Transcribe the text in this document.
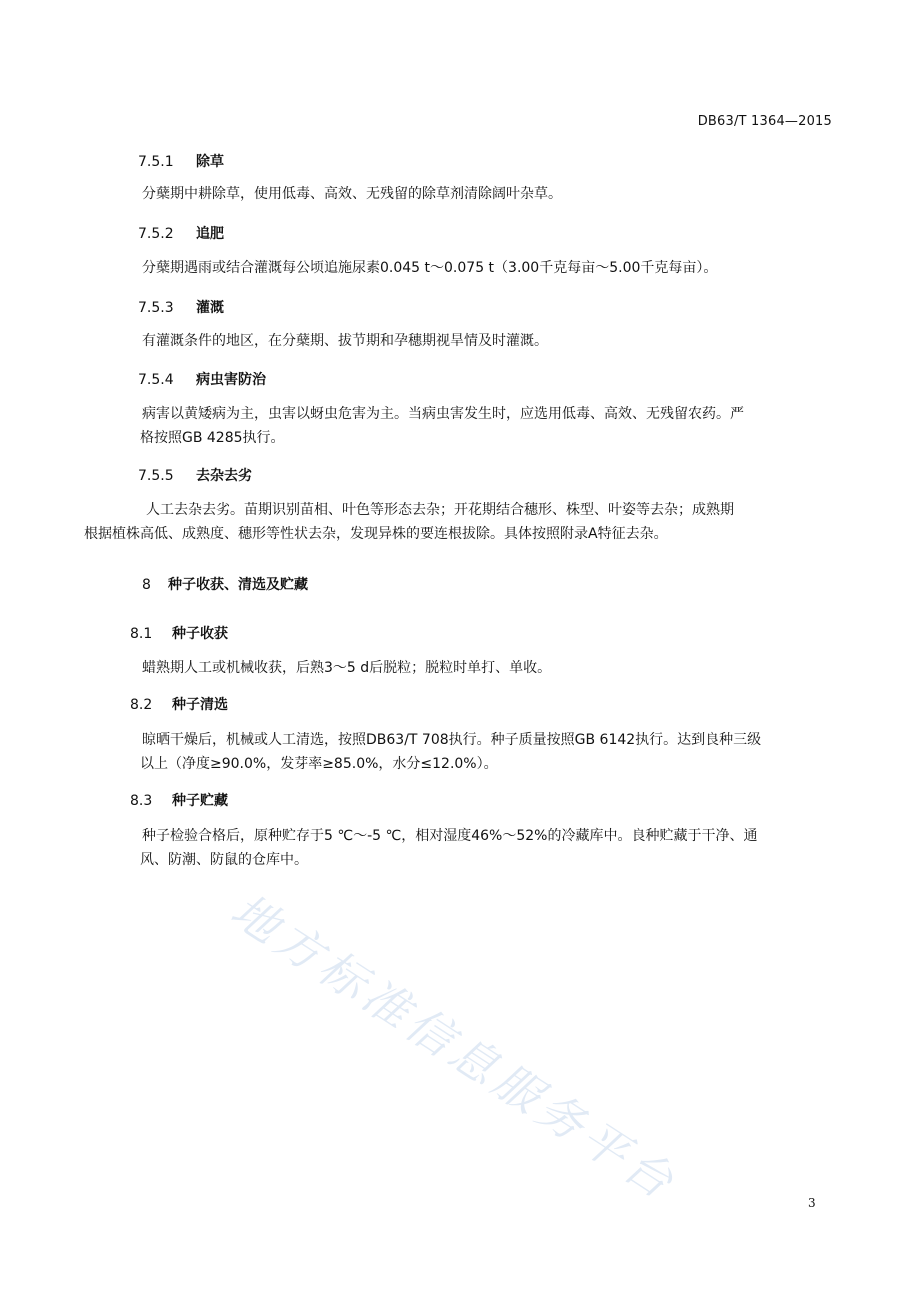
DB63/T 1364—2015
7.5.1 除草
分蘖期中耕除草，使用低毒、高效、无残留的除草剂清除阔叶杂草。
7.5.2 追肥
分蘖期遇雨或结合灌溉每公顷追施尿素0.045 t～0.075 t（3.00千克每亩～5.00千克每亩）。
7.5.3 灌溉
有灌溉条件的地区，在分蘖期、拔节期和孕穗期视旱情及时灌溉。
7.5.4 病虫害防治
病害以黄矮病为主，虫害以蚜虫危害为主。当病虫害发生时，应选用低毒、高效、无残留农药。严
格按照GB 4285执行。
7.5.5 去杂去劣
人工去杂去劣。苗期识别苗相、叶色等形态去杂；开花期结合穗形、株型、叶姿等去杂；成熟期
根据植株高低、成熟度、穗形等性状去杂，发现异株的要连根拔除。具体按照附录A特征去杂。
8 种子收获、清选及贮藏
8.1 种子收获
蜡熟期人工或机械收获，后熟3～5 d后脱粒；脱粒时单打、单收。
8.2 种子清选
晾晒干燥后，机械或人工清选，按照DB63/T 708执行。种子质量按照GB 6142执行。达到良种三级
以上（净度≥90.0%，发芽率≥85.0%，水分≤12.0%）。
8.3 种子贮藏
种子检验合格后，原种贮存于5 ℃～-5 ℃，相对湿度46%～52%的冷藏库中。良种贮藏于干净、通
风、防潮、防鼠的仓库中。
地方标准信息服务平台	3
